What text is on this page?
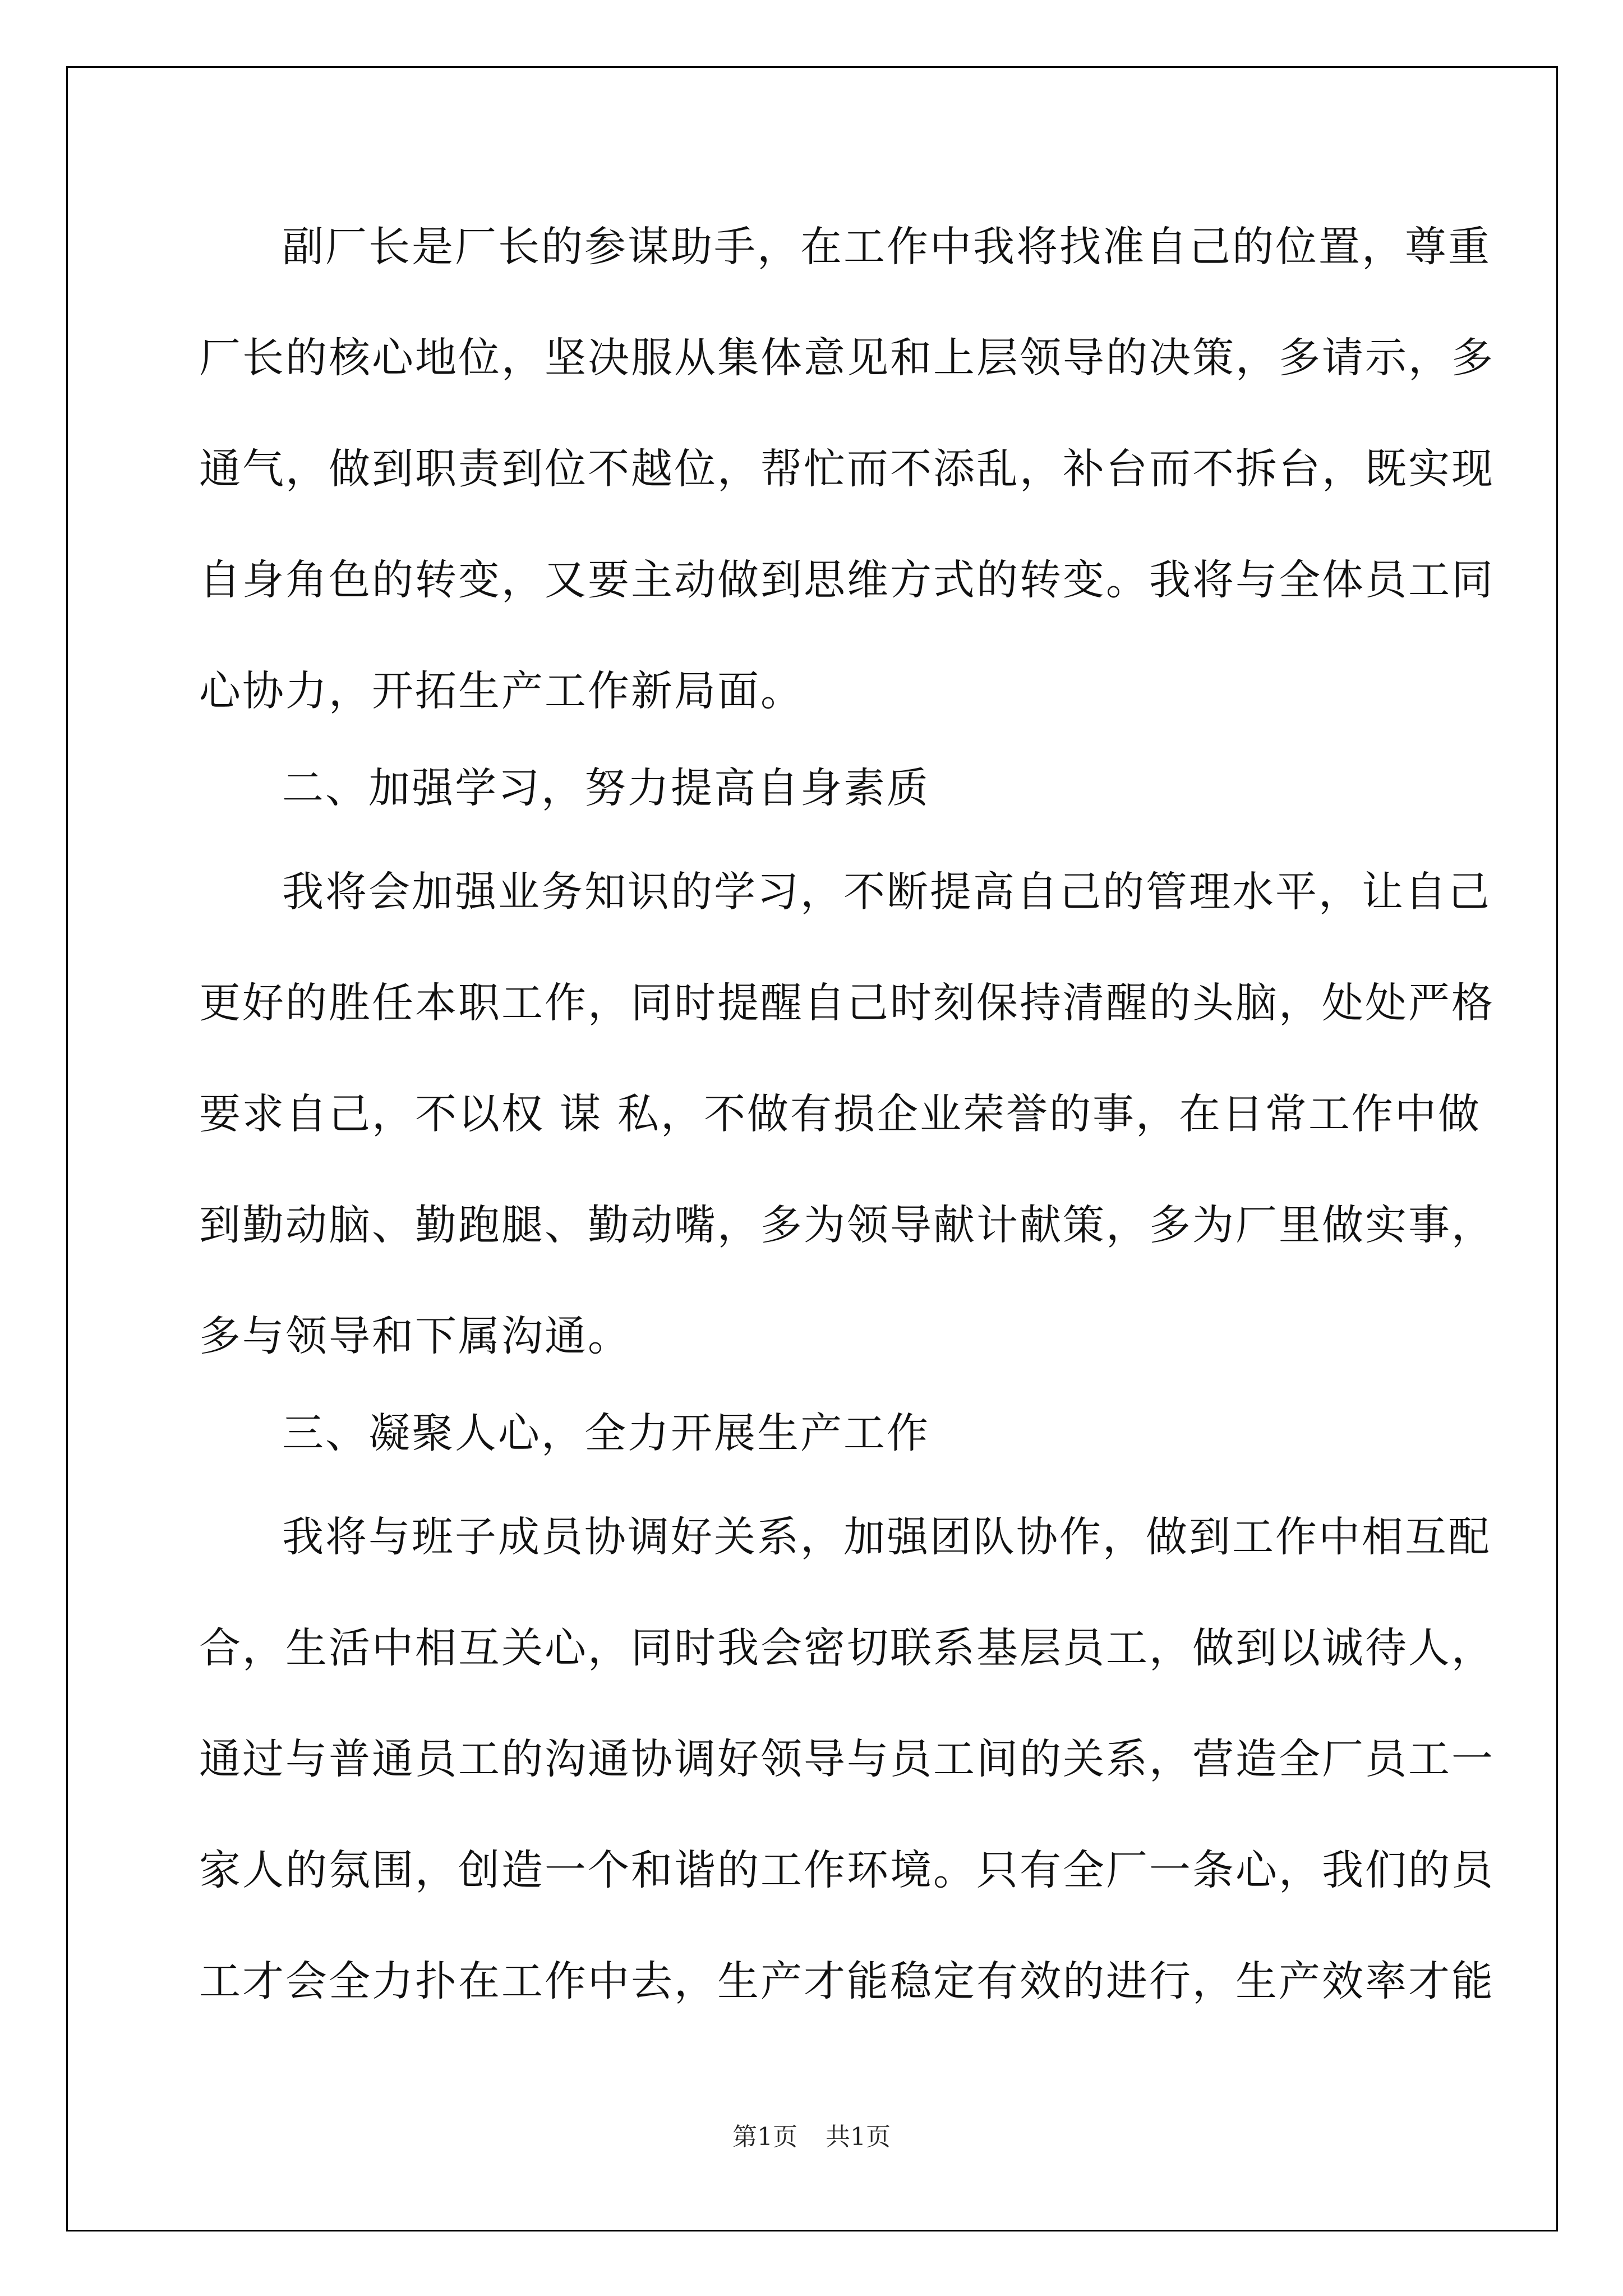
副厂长是厂长的参谋助手，在工作中我将找准自己的位置，尊重
厂长的核心地位，坚决服从集体意见和上层领导的决策，多请示，多
通气，做到职责到位不越位，帮忙而不添乱，补台而不拆台，既实现
自身角色的转变，又要主动做到思维方式的转变。我将与全体员工同
心协力，开拓生产工作新局面。
二、加强学习，努力提高自身素质
我将会加强业务知识的学习，不断提高自己的管理水平，让自己
更好的胜任本职工作，同时提醒自己时刻保持清醒的头脑，处处严格
要求自己，不以权 谋 私，不做有损企业荣誉的事，在日常工作中做
到勤动脑、勤跑腿、勤动嘴，多为领导献计献策，多为厂里做实事，
多与领导和下属沟通。
三、凝聚人心，全力开展生产工作
我将与班子成员协调好关系，加强团队协作，做到工作中相互配
合，生活中相互关心，同时我会密切联系基层员工，做到以诚待人，
通过与普通员工的沟通协调好领导与员工间的关系，营造全厂员工一
家人的氛围，创造一个和谐的工作环境。只有全厂一条心，我们的员
工才会全力扑在工作中去，生产才能稳定有效的进行，生产效率才能
第1页 共1页
